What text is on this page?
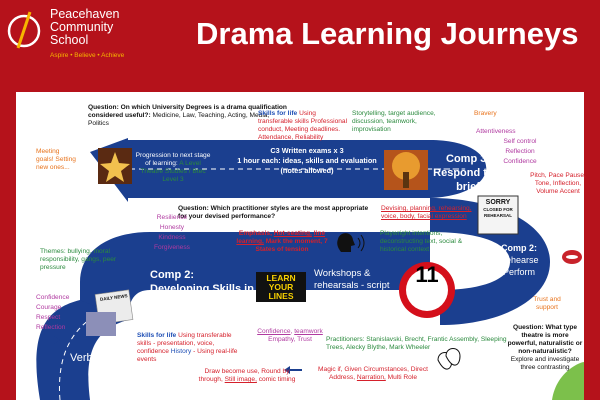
Peacehaven
Community
School
Aspire • Believe • Achieve
Drama Learning Journeys
Question: On which University Degrees is a drama qualification considered useful?: Medicine, Law, Teaching, Acting, Media, Politics
Skills for life Using transferable skills Professional conduct, Meeting deadlines. Attendance, Reliability
Storytelling, target audience, discussion, teamwork, improvisation
Bravery
Attentiveness
Self control
Reflection
Confidence
Meeting goals! Setting new ones...
Progression to next stage of learning: A Level Theatre Studies / Btec Level 3
C3 Written exams x 3
1 hour each: ideas, skills and evaluation (notes allowed)
Comp 3:
Respond to a brief
Pitch, Pace Pause, Tone, Inflection, Volume Accent
Question: Which practitioner styles are the most appropriate for your devised performance?
Devising, planning, rehearsing, voice, body, facial expression
Resilience
Honesty
Kindness
Forgiveness
Emphasis, Hot-seating, line learning, Mark the moment, 7 States of tension
Playwright intentions, deconstructing text, social & historical context
SORRY
CLOSED FOR
REHEARSAL
Comp 2:
Rehearse Perform
Themes: bullying, moral responsibility, gangs, peer pressure
Comp 2:
Developing Skills in the Performing Arts
LEARN
YOUR
LINES
Workshops & rehearsals - script	11
Trust and support
Confidence
Courage
Respect
Reflection
Confidence, teamwork
Empathy, Trust
Skills for life Using transferable skills - presentation, voice, confidence History - Using real-life events
Verbatim
Practitioners: Stanislavski, Brecht, Frantic Assembly, Sleeping Trees, Alecky Blythe, Mark Wheeler
Question: What type theatre is more powerful, naturalistic or non-naturalistic?
Explore and investigate three contrasting
Draw become use, Round by through, Still image, comic timing
Magic if, Given Circumstances, Direct Address, Narration, Multi Role
DAILY NEWS
